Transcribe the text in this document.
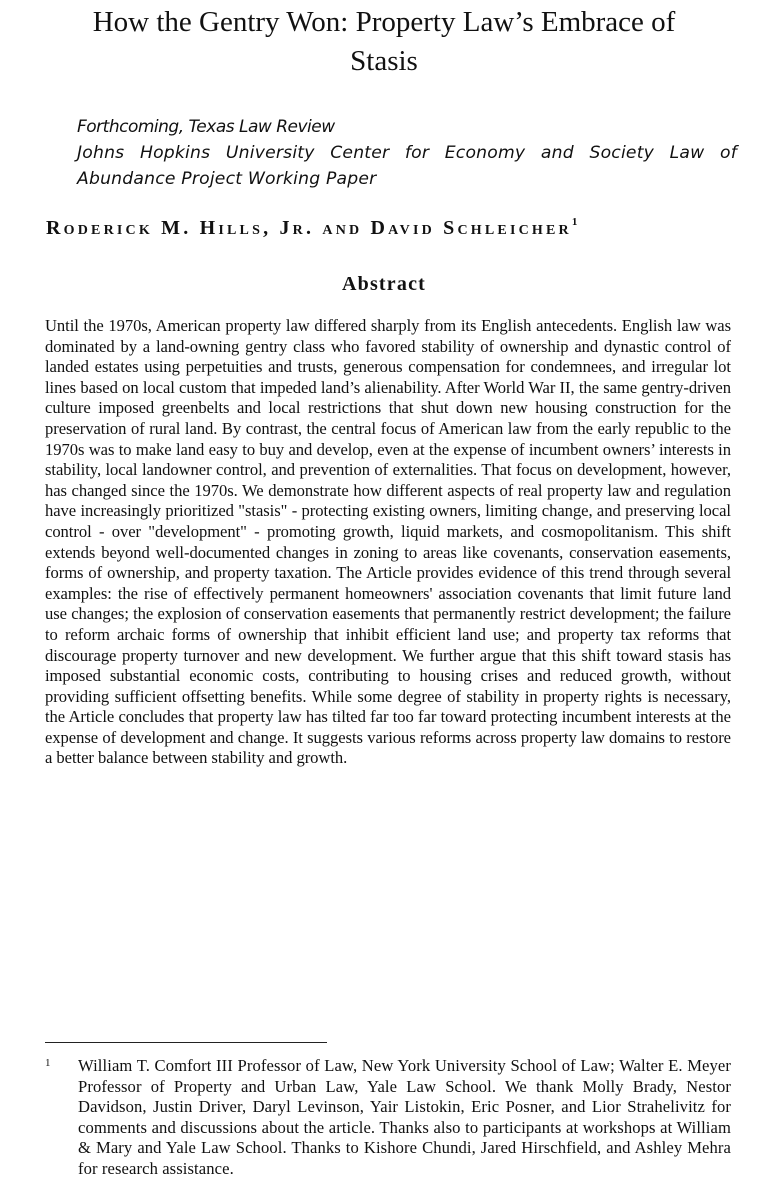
How the Gentry Won: Property Law’s Embrace of
Stasis
Forthcoming, Texas Law Review
Johns Hopkins University Center for Economy and Society Law of Abundance Project Working Paper
Roderick M. Hills, Jr. and David Schleicher$^1$
Abstract

Until the 1970s, American property law differed sharply from its English antecedents. English law was dominated by a land-owning gentry class who favored stability of ownership and dynastic control of landed estates using perpetuities and trusts, generous compensation for condemnees, and irregular lot lines based on local custom that impeded land’s alienability. After World War II, the same gentry-driven culture imposed greenbelts and local restrictions that shut down new housing construction for the preservation of rural land. By contrast, the central focus of American law from the early republic to the 1970s was to make land easy to buy and develop, even at the expense of incumbent owners’ interests in stability, local landowner control, and prevention of externalities. That focus on development, however, has changed since the 1970s. We demonstrate how different aspects of real property law and regulation have increasingly prioritized "stasis" - protecting existing owners, limiting change, and preserving local control - over "development" - promoting growth, liquid markets, and cosmopolitanism. This shift extends beyond well-documented changes in zoning to areas like covenants, conservation easements, forms of ownership, and property taxation. The Article provides evidence of this trend through several examples: the rise of effectively permanent homeowners' association covenants that limit future land use changes; the explosion of conservation easements that permanently restrict development; the failure to reform archaic forms of ownership that inhibit efficient land use; and property tax reforms that discourage property turnover and new development. We further argue that this shift toward stasis has imposed substantial economic costs, contributing to housing crises and reduced growth, without providing sufficient offsetting benefits. While some degree of stability in property rights is necessary, the Article concludes that property law has tilted far too far toward protecting incumbent interests at the expense of development and change. It suggests various reforms across property law domains to restore a better balance between stability and growth.

1 William T. Comfort III Professor of Law, New York University School of Law; Walter E. Meyer Professor of Property and Urban Law, Yale Law School. We thank Molly Brady, Nestor Davidson, Justin Driver, Daryl Levinson, Yair Listokin, Eric Posner, and Lior Strahelivitz for comments and discussions about the article. Thanks also to participants at workshops at William & Mary and Yale Law School. Thanks to Kishore Chundi, Jared Hirschfield, and Ashley Mehra for research assistance.
